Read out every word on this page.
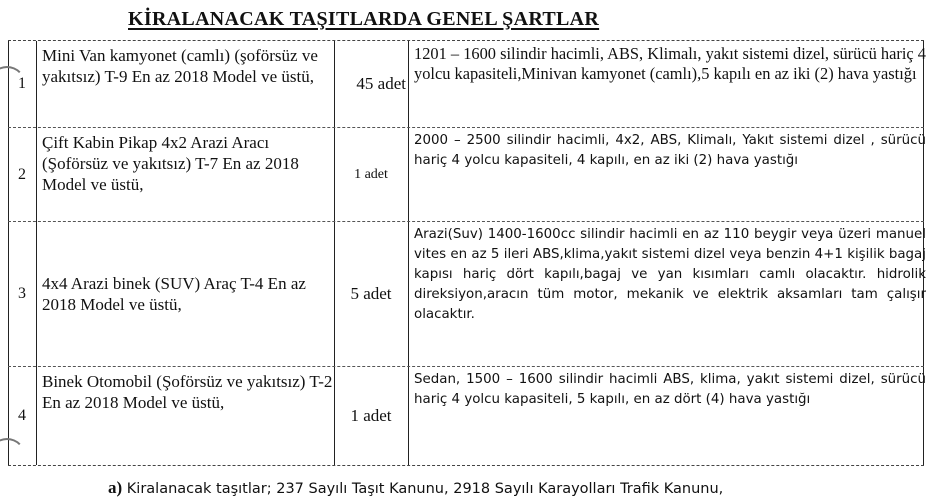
KİRALANACAK TAŞITLARDA GENEL ŞARTLAR
1
Mini Van kamyonet (camlı) (şoförsüz ve yakıtsız) T-9 En az 2018 Model ve üstü,	45 adet
1201 – 1600 silindir hacimli, ABS, Klimalı, yakıt sistemi dizel, sürücü hariç 4 yolcu kapasiteli,Minivan kamyonet (camlı),5 kapılı en az iki (2) hava yastığı
2
Çift Kabin Pikap 4x2 Arazi Aracı (Şoförsüz ve yakıtsız) T-7 En az 2018 Model ve üstü,
1 adet
2000 – 2500 silindir hacimli, 4x2, ABS, Klimalı, Yakıt sistemi dizel , sürücü hariç 4 yolcu kapasiteli, 4 kapılı, en az iki (2) hava yastığı
3
4x4 Arazi binek (SUV) Araç T-4 En az 2018 Model ve üstü,
5 adet
Arazi(Suv) 1400-1600cc silindir hacimli en az 110 beygir veya üzeri manuel vites en az 5 ileri ABS,klima,yakıt sistemi dizel veya benzin 4+1 kişilik bagaj kapısı hariç dört kapılı,bagaj ve yan kısımları camlı olacaktır. hidrolik direksiyon,aracın tüm motor, mekanik ve elektrik aksamları tam çalışır olacaktır.
4
Binek Otomobil (Şoförsüz ve yakıtsız) T-2 En az 2018 Model ve üstü,
1 adet
Sedan, 1500 – 1600 silindir hacimli ABS, klima, yakıt sistemi dizel, sürücü hariç 4 yolcu kapasiteli, 5 kapılı, en az dört (4) hava yastığı
a) Kiralanacak taşıtlar; 237 Sayılı Taşıt Kanunu, 2918 Sayılı Karayolları Trafik Kanunu,
